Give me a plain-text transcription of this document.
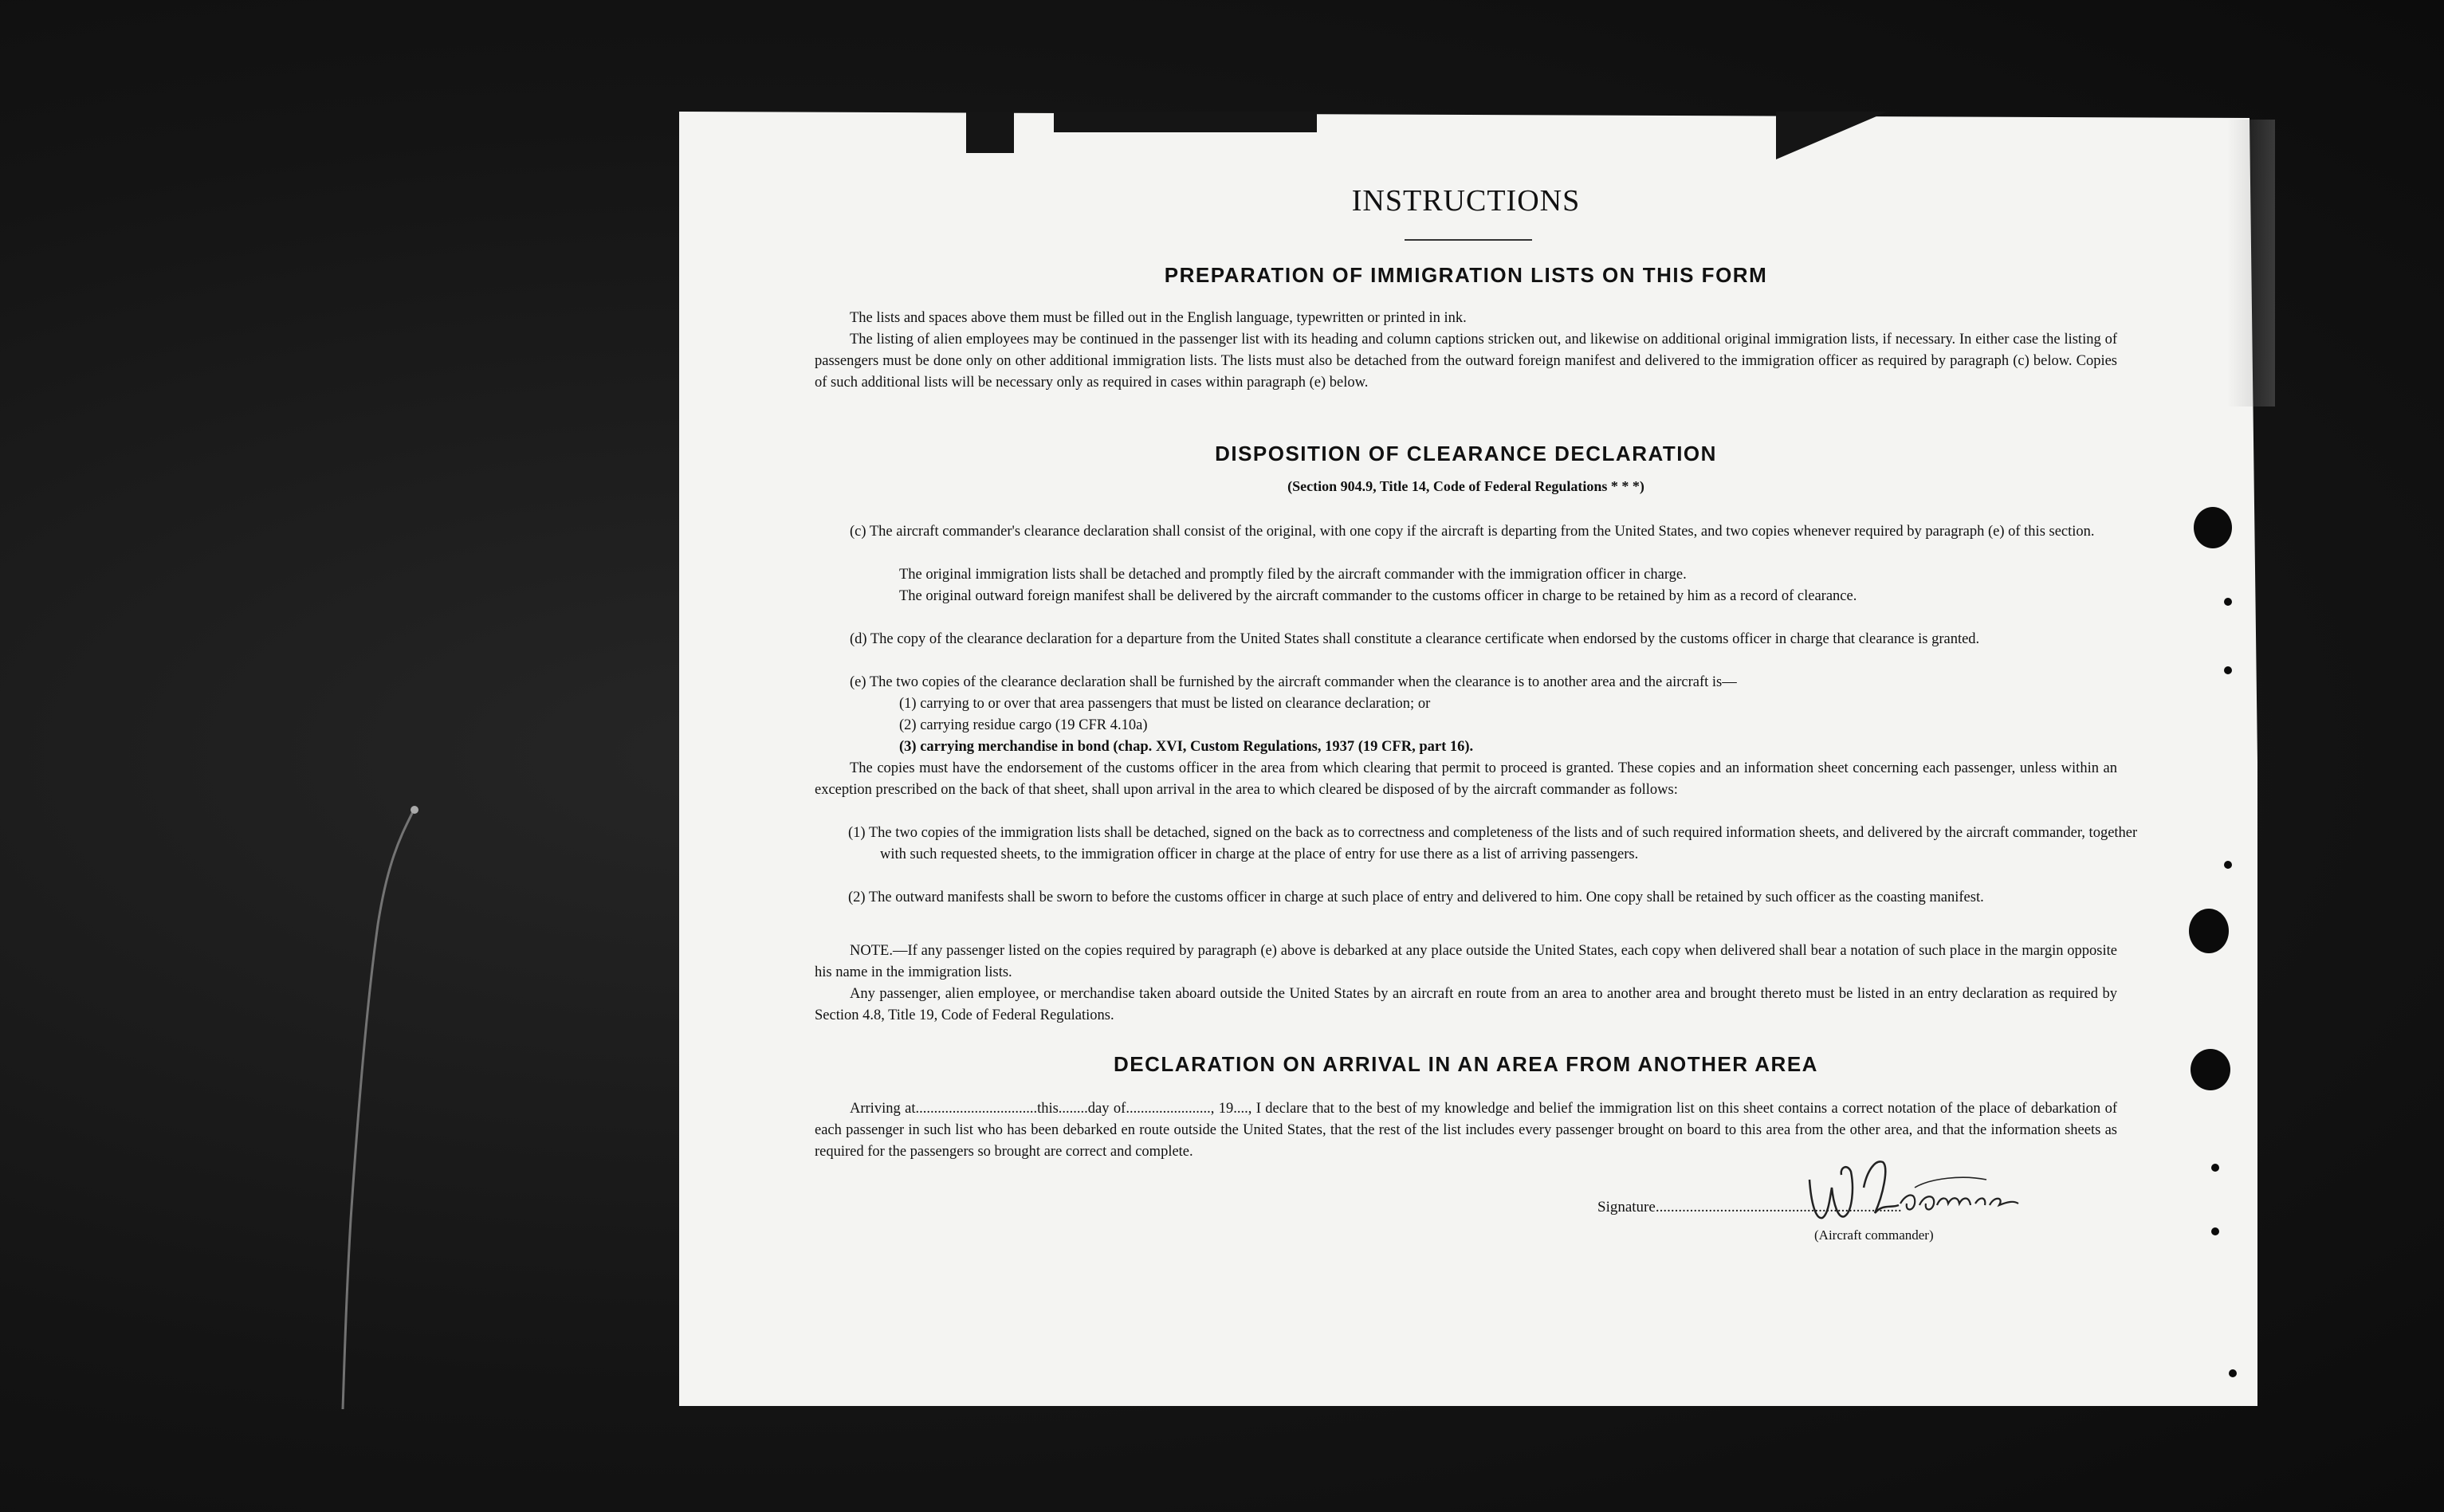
INSTRUCTIONS
PREPARATION OF IMMIGRATION LISTS ON THIS FORM
The lists and spaces above them must be filled out in the English language, typewritten or printed in ink.
The listing of alien employees may be continued in the passenger list with its heading and column captions stricken out, and likewise on additional original immigration lists, if necessary. In either case the listing of passengers must be done only on other additional immigration lists. The lists must also be detached from the outward foreign manifest and delivered to the immigration officer as required by paragraph (c) below. Copies of such additional lists will be necessary only as required in cases within paragraph (e) below.
DISPOSITION OF CLEARANCE DECLARATION
(Section 904.9, Title 14, Code of Federal Regulations * * *)
(c) The aircraft commander's clearance declaration shall consist of the original, with one copy if the aircraft is departing from the United States, and two copies whenever required by paragraph (e) of this section.
The original immigration lists shall be detached and promptly filed by the aircraft commander with the immigration officer in charge.
The original outward foreign manifest shall be delivered by the aircraft commander to the customs officer in charge to be retained by him as a record of clearance.
(d) The copy of the clearance declaration for a departure from the United States shall constitute a clearance certificate when endorsed by the customs officer in charge that clearance is granted.
(e) The two copies of the clearance declaration shall be furnished by the aircraft commander when the clearance is to another area and the aircraft is—
(1) carrying to or over that area passengers that must be listed on clearance declaration; or
(2) carrying residue cargo (19 CFR 4.10a)
(3) carrying merchandise in bond (chap. XVI, Custom Regulations, 1937 (19 CFR, part 16).
The copies must have the endorsement of the customs officer in the area from which clearing that permit to proceed is granted. These copies and an information sheet concerning each passenger, unless within an exception prescribed on the back of that sheet, shall upon arrival in the area to which cleared be disposed of by the aircraft commander as follows:
(1) The two copies of the immigration lists shall be detached, signed on the back as to correctness and completeness of the lists and of such required information sheets, and delivered by the aircraft commander, together with such requested sheets, to the immigration officer in charge at the place of entry for use there as a list of arriving passengers.
(2) The outward manifests shall be sworn to before the customs officer in charge at such place of entry and delivered to him. One copy shall be retained by such officer as the coasting manifest.
NOTE.—If any passenger listed on the copies required by paragraph (e) above is debarked at any place outside the United States, each copy when delivered shall bear a notation of such place in the margin opposite his name in the immigration lists.
Any passenger, alien employee, or merchandise taken aboard outside the United States by an aircraft en route from an area to another area and brought thereto must be listed in an entry declaration as required by Section 4.8, Title 19, Code of Federal Regulations.
DECLARATION ON ARRIVAL IN AN AREA FROM ANOTHER AREA
Arriving at.................................this........day of......................., 19...., I declare that to the best of my knowledge and belief the immigration list on this sheet contains a correct notation of the place of debarkation of each passenger in such list who has been debarked en route outside the United States, that the rest of the list includes every passenger brought on board to this area from the other area, and that the information sheets as required for the passengers so brought are correct and complete.
Signature.................................................................
(Aircraft commander)
